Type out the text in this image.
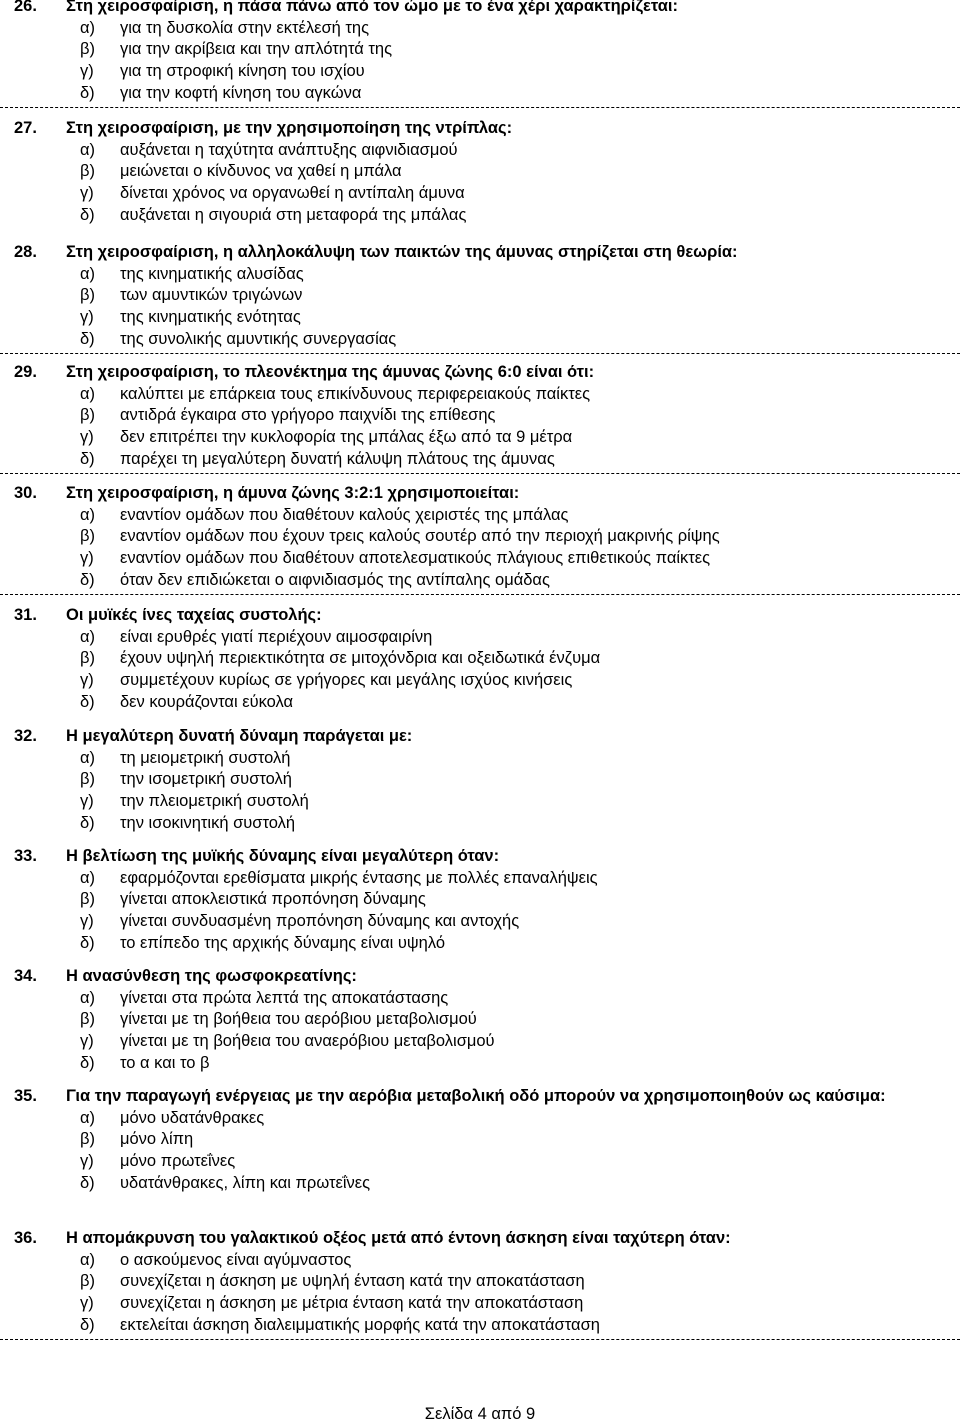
26.	Στη χειροσφαίριση, η πάσα πάνω από τον ώμο με το ένα χέρι χαρακτηρίζεται:
α)	για τη δυσκολία στην εκτέλεσή της
β)	για την ακρίβεια και την απλότητά της
γ)	για τη στροφική κίνηση του ισχίου
δ)	για την κοφτή κίνηση του αγκώνα
27.	Στη χειροσφαίριση, με την χρησιμοποίηση της ντρίπλας:
α)	αυξάνεται η ταχύτητα ανάπτυξης αιφνιδιασμού
β)	μειώνεται ο κίνδυνος να χαθεί η μπάλα
γ)	δίνεται χρόνος να οργανωθεί η αντίπαλη άμυνα
δ)	αυξάνεται η σιγουριά στη μεταφορά της μπάλας
28.	Στη χειροσφαίριση, η αλληλοκάλυψη των παικτών της άμυνας στηρίζεται στη θεωρία:
α)	της κινηματικής αλυσίδας
β)	των αμυντικών τριγώνων
γ)	της κινηματικής ενότητας
δ)	της συνολικής αμυντικής συνεργασίας
29.	Στη χειροσφαίριση, το πλεονέκτημα της άμυνας ζώνης 6:0 είναι ότι:
α)	καλύπτει με επάρκεια τους επικίνδυνους περιφερειακούς παίκτες
β)	αντιδρά έγκαιρα στο γρήγορο παιχνίδι της επίθεσης
γ)	δεν επιτρέπει την κυκλοφορία της μπάλας έξω από τα 9 μέτρα
δ)	παρέχει τη μεγαλύτερη δυνατή κάλυψη πλάτους της άμυνας
30.	Στη χειροσφαίριση, η άμυνα ζώνης 3:2:1 χρησιμοποιείται:
α)	εναντίον ομάδων που διαθέτουν καλούς χειριστές της μπάλας
β)	εναντίον ομάδων που έχουν τρεις καλούς σουτέρ από την περιοχή μακρινής ρίψης
γ)	εναντίον ομάδων που διαθέτουν αποτελεσματικούς πλάγιους επιθετικούς παίκτες
δ)	όταν δεν επιδιώκεται ο αιφνιδιασμός της αντίπαλης ομάδας
31.	Οι μυϊκές ίνες ταχείας συστολής:
α)	είναι ερυθρές γιατί περιέχουν αιμοσφαιρίνη
β)	έχουν υψηλή περιεκτικότητα σε μιτοχόνδρια και οξειδωτικά ένζυμα
γ)	συμμετέχουν κυρίως σε γρήγορες και μεγάλης ισχύος κινήσεις
δ)	δεν κουράζονται εύκολα
32.	Η μεγαλύτερη δυνατή δύναμη παράγεται με:
α)	τη μειομετρική συστολή
β)	την ισομετρική συστολή
γ)	την πλειομετρική συστολή
δ)	την ισοκινητική συστολή
33.	Η βελτίωση της μυϊκής δύναμης είναι μεγαλύτερη όταν:
α)	εφαρμόζονται ερεθίσματα μικρής έντασης με πολλές επαναλήψεις
β)	γίνεται αποκλειστικά προπόνηση δύναμης
γ)	γίνεται συνδυασμένη προπόνηση δύναμης και αντοχής
δ)	το επίπεδο της αρχικής δύναμης είναι υψηλό
34.	Η ανασύνθεση της φωσφοκρεατίνης:
α)	γίνεται στα πρώτα λεπτά της αποκατάστασης
β)	γίνεται με τη βοήθεια του αερόβιου μεταβολισμού
γ)	γίνεται με τη βοήθεια του αναερόβιου μεταβολισμού
δ)	το α και το β
35.	Για την παραγωγή ενέργειας με την αερόβια μεταβολική οδό μπορούν να χρησιμοποιηθούν ως καύσιμα:
α)	μόνο υδατάνθρακες
β)	μόνο λίπη
γ)	μόνο πρωτεΐνες
δ)	υδατάνθρακες, λίπη και πρωτεΐνες
36.	Η απομάκρυνση του γαλακτικού οξέος μετά από έντονη άσκηση είναι ταχύτερη όταν:
α)	ο ασκούμενος είναι αγύμναστος
β)	συνεχίζεται η άσκηση με υψηλή ένταση κατά την αποκατάσταση
γ)	συνεχίζεται η άσκηση με μέτρια ένταση κατά την αποκατάσταση
δ)	εκτελείται άσκηση διαλειμματικής μορφής κατά την αποκατάσταση
Σελίδα 4 από 9
